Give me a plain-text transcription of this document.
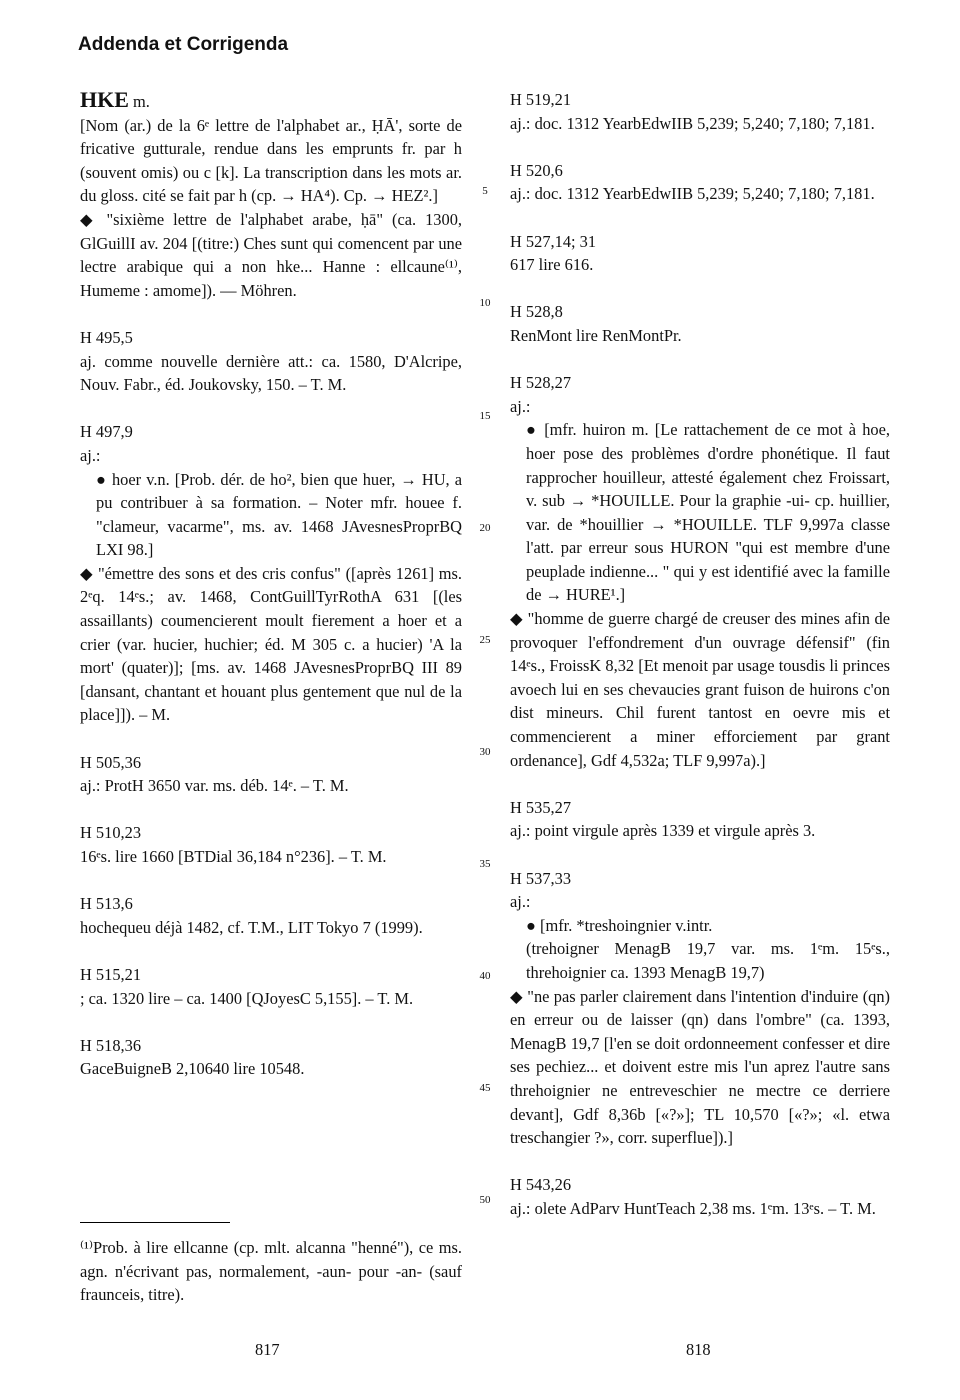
Addenda et Corrigenda
HKE m.
[Nom (ar.) de la 6ᵉ lettre de l'alphabet ar., ḤĀ', sorte de fricative gutturale, rendue dans les emprunts fr. par h (souvent omis) ou c [k]. La transcription dans les mots ar. du gloss. cité se fait par h (cp. → HA⁴). Cp. → HEZ².]
◆ "sixième lettre de l'alphabet arabe, ḥā" (ca. 1300, GlGuillI av. 204 [(titre:) Ches sunt qui comencent par une lectre arabique qui a non hke... Hanne : ellcaune⁽¹⁾, Humeme : amome]). — Möhren.
H 495,5
aj. comme nouvelle dernière att.: ca. 1580, D'Alcripe, Nouv. Fabr., éd. Joukovsky, 150. – T. M.
H 497,9
aj.:
● hoer v.n. [Prob. dér. de ho², bien que huer, → HU, a pu contribuer à sa formation. – Noter mfr. houee f. "clameur, vacarme", ms. av. 1468 JAvesnesProprBQ LXI 98.]
◆ "émettre des sons et des cris confus" ([après 1261] ms. 2ᵉq. 14ᵉs.; av. 1468, ContGuillTyrRothA 631 [(les assaillants) coumencierent moult fierement a hoer et a crier (var. hucier, huchier; éd. M 305 c. a hucier) 'A la mort' (quater)]; [ms. av. 1468 JAvesnesProprBQ III 89 [dansant, chantant et houant plus gentement que nul de la place]]). – M.
H 505,36
aj.: ProtH 3650 var. ms. déb. 14ᵉ. – T. M.
H 510,23
16ᵉs. lire 1660 [BTDial 36,184 n°236]. – T. M.
H 513,6
hochequeu déjà 1482, cf. T.M., LIT Tokyo 7 (1999).
H 515,21
; ca. 1320 lire – ca. 1400 [QJoyesC 5,155]. – T. M.
H 518,36
GaceBuigneB 2,10640 lire 10548.
⁽¹⁾Prob. à lire ellcanne (cp. mlt. alcanna "henné"), ce ms. agn. n'écrivant pas, normalement, -aun- pour -an- (sauf fraunceis, titre).
5
10
15
20
25
30
35
40
45
50
H 519,21
aj.: doc. 1312 YearbEdwIIB 5,239; 5,240; 7,180; 7,181.
H 520,6
aj.: doc. 1312 YearbEdwIIB 5,239; 5,240; 7,180; 7,181.
H 527,14; 31
617 lire 616.
H 528,8
RenMont lire RenMontPr.
H 528,27
aj.:
● [mfr. huiron m. [Le rattachement de ce mot à hoe, hoer pose des problèmes d'ordre phonétique. Il faut rapprocher houilleur, attesté également chez Froissart, v. sub → *HOUILLE. Pour la graphie -ui- cp. huillier, var. de *houillier → *HOUILLE. TLF 9,997a classe l'att. par erreur sous HURON "qui est membre d'une peuplade indienne... " qui y est identifié avec la famille de → HURE¹.]
◆ "homme de guerre chargé de creuser des mines afin de provoquer l'effondrement d'un ouvrage défensif" (fin 14ᵉs., FroissK 8,32 [Et menoit par usage tousdis li princes avoech lui en ses chevaucies grant fuison de huirons c'on dist mineurs. Chil furent tantost en oevre mis et commencierent a miner efforciement par grant ordenance], Gdf 4,532a; TLF 9,997a).]
H 535,27
aj.: point virgule après 1339 et virgule après 3.
H 537,33
aj.:
● [mfr. *treshoingnier v.intr.
(trehoigner MenagB 19,7 var. ms. 1ᵉm. 15ᵉs., threhoignier ca. 1393 MenagB 19,7)
◆ "ne pas parler clairement dans l'intention d'induire (qn) en erreur ou de laisser (qn) dans l'ombre" (ca. 1393, MenagB 19,7 [l'en se doit ordonneement confesser et dire ses pechiez... et doivent estre mis l'un aprez l'autre sans threhoignier ne entreveschier ne mectre ce derriere devant], Gdf 8,36b [«?»]; TL 10,570 [«?»; «l. etwa treschangier ?», corr. superflue]).]
H 543,26
aj.: olete AdParv HuntTeach 2,38 ms. 1ᵉm. 13ᵉs. – T. M.
817	818
